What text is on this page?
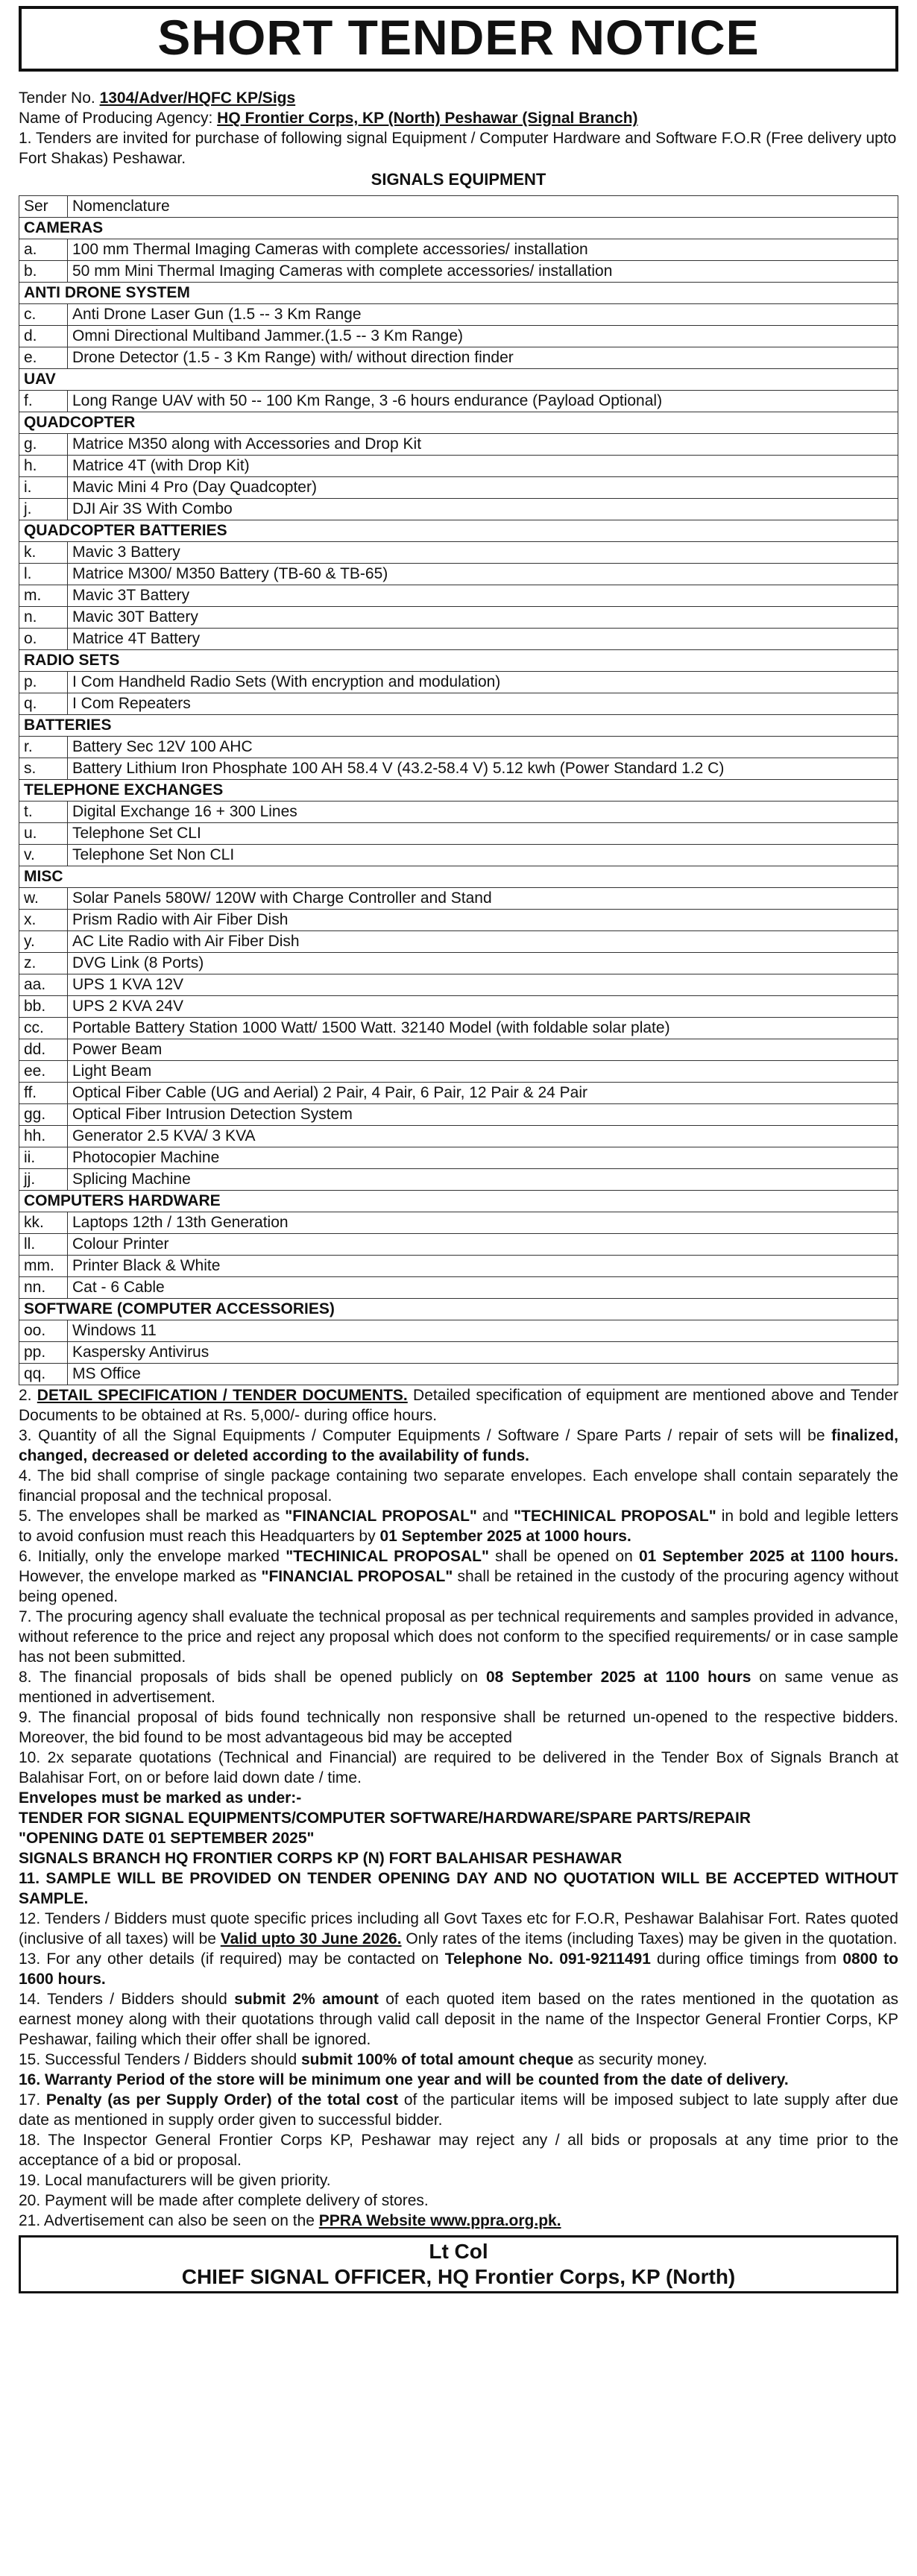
SHORT TENDER NOTICE
Tender No. 1304/Adver/HQFC KP/Sigs
Name of Producing Agency: HQ Frontier Corps, KP (North) Peshawar (Signal Branch)
1. Tenders are invited for purchase of following signal Equipment / Computer Hardware and Software F.O.R (Free delivery upto Fort Shakas) Peshawar.
SIGNALS EQUIPMENT
Ser	Nomenclature
CAMERAS	
a.	100 mm Thermal Imaging Cameras with complete accessories/ installation
b.	50 mm Mini Thermal Imaging Cameras with complete accessories/ installation
ANTI DRONE SYSTEM	
c.	Anti Drone Laser Gun (1.5 -- 3 Km Range
d.	Omni Directional Multiband Jammer.(1.5 -- 3 Km Range)
e.	Drone Detector (1.5 - 3 Km Range) with/ without direction finder
UAV	
f.	Long Range UAV with 50 -- 100 Km Range, 3 -6 hours endurance (Payload Optional)
QUADCOPTER	
g.	Matrice M350 along with Accessories and Drop Kit
h.	Matrice 4T (with Drop Kit)
i.	Mavic Mini 4 Pro (Day Quadcopter)
j.	DJI Air 3S With Combo
QUADCOPTER BATTERIES	
k.	Mavic 3 Battery
l.	Matrice M300/ M350 Battery (TB-60 & TB-65)
m.	Mavic 3T Battery
n.	Mavic 30T Battery
o.	Matrice 4T Battery
RADIO SETS	
p.	I Com Handheld Radio Sets (With encryption and modulation)
q.	I Com Repeaters
BATTERIES	
r.	Battery Sec 12V 100 AHC
s.	Battery Lithium Iron Phosphate 100 AH 58.4 V (43.2-58.4 V) 5.12 kwh (Power Standard 1.2 C)
TELEPHONE EXCHANGES	
t.	Digital Exchange 16 + 300 Lines
u.	Telephone Set CLI
v.	Telephone Set Non CLI
MISC	
w.	Solar Panels 580W/ 120W with Charge Controller and Stand
x.	Prism Radio with Air Fiber Dish
y.	AC Lite Radio with Air Fiber Dish
z.	DVG Link (8 Ports)
aa.	UPS 1 KVA 12V
bb.	UPS 2 KVA 24V
cc.	Portable Battery Station 1000 Watt/ 1500 Watt. 32140 Model (with foldable solar plate)
dd.	Power Beam
ee.	Light Beam
ff.	Optical Fiber Cable (UG and Aerial) 2 Pair, 4 Pair, 6 Pair, 12 Pair & 24 Pair
gg.	Optical Fiber Intrusion Detection System
hh.	Generator 2.5 KVA/ 3 KVA
ii.	Photocopier Machine
jj.	Splicing Machine
COMPUTERS HARDWARE	
kk.	Laptops 12th / 13th Generation
ll.	Colour Printer
mm.	Printer Black & White
nn.	Cat - 6 Cable
SOFTWARE (COMPUTER ACCESSORIES)	
oo.	Windows 11
pp.	Kaspersky Antivirus
qq.	MS Office
2. DETAIL SPECIFICATION / TENDER DOCUMENTS. Detailed specification of equipment are mentioned above and Tender Documents to be obtained at Rs. 5,000/- during office hours.
3. Quantity of all the Signal Equipments / Computer Equipments / Software / Spare Parts / repair of sets will be finalized, changed, decreased or deleted according to the availability of funds.
4. The bid shall comprise of single package containing two separate envelopes. Each envelope shall contain separately the financial proposal and the technical proposal.
5. The envelopes shall be marked as "FINANCIAL PROPOSAL" and "TECHINICAL PROPOSAL" in bold and legible letters to avoid confusion must reach this Headquarters by 01 September 2025 at 1000 hours.
6. Initially, only the envelope marked "TECHINICAL PROPOSAL" shall be opened on 01 September 2025 at 1100 hours. However, the envelope marked as "FINANCIAL PROPOSAL" shall be retained in the custody of the procuring agency without being opened.
7. The procuring agency shall evaluate the technical proposal as per technical requirements and samples provided in advance, without reference to the price and reject any proposal which does not conform to the specified requirements/ or in case sample has not been submitted.
8. The financial proposals of bids shall be opened publicly on 08 September 2025 at 1100 hours on same venue as mentioned in advertisement.
9. The financial proposal of bids found technically non responsive shall be returned un-opened to the respective bidders. Moreover, the bid found to be most advantageous bid may be accepted
10. 2x separate quotations (Technical and Financial) are required to be delivered in the Tender Box of Signals Branch at Balahisar Fort, on or before laid down date / time.
Envelopes must be marked as under:-
TENDER FOR SIGNAL EQUIPMENTS/COMPUTER SOFTWARE/HARDWARE/SPARE PARTS/REPAIR
"OPENING DATE 01 SEPTEMBER 2025"
SIGNALS BRANCH HQ FRONTIER CORPS KP (N) FORT BALAHISAR PESHAWAR
11. SAMPLE WILL BE PROVIDED ON TENDER OPENING DAY AND NO QUOTATION WILL BE ACCEPTED WITHOUT SAMPLE.
12. Tenders / Bidders must quote specific prices including all Govt Taxes etc for F.O.R, Peshawar Balahisar Fort. Rates quoted (inclusive of all taxes) will be Valid upto 30 June 2026. Only rates of the items (including Taxes) may be given in the quotation.
13. For any other details (if required) may be contacted on Telephone No. 091-9211491 during office timings from 0800 to 1600 hours.
14. Tenders / Bidders should submit 2% amount of each quoted item based on the rates mentioned in the quotation as earnest money along with their quotations through valid call deposit in the name of the Inspector General Frontier Corps, KP Peshawar, failing which their offer shall be ignored.
15. Successful Tenders / Bidders should submit 100% of total amount cheque as security money.
16. Warranty Period of the store will be minimum one year and will be counted from the date of delivery.
17. Penalty (as per Supply Order) of the total cost of the particular items will be imposed subject to late supply after due date as mentioned in supply order given to successful bidder.
18. The Inspector General Frontier Corps KP, Peshawar may reject any / all bids or proposals at any time prior to the acceptance of a bid or proposal.
19. Local manufacturers will be given priority.
20. Payment will be made after complete delivery of stores.
21. Advertisement can also be seen on the PPRA Website www.ppra.org.pk.
Lt Col
CHIEF SIGNAL OFFICER, HQ Frontier Corps, KP (North)
